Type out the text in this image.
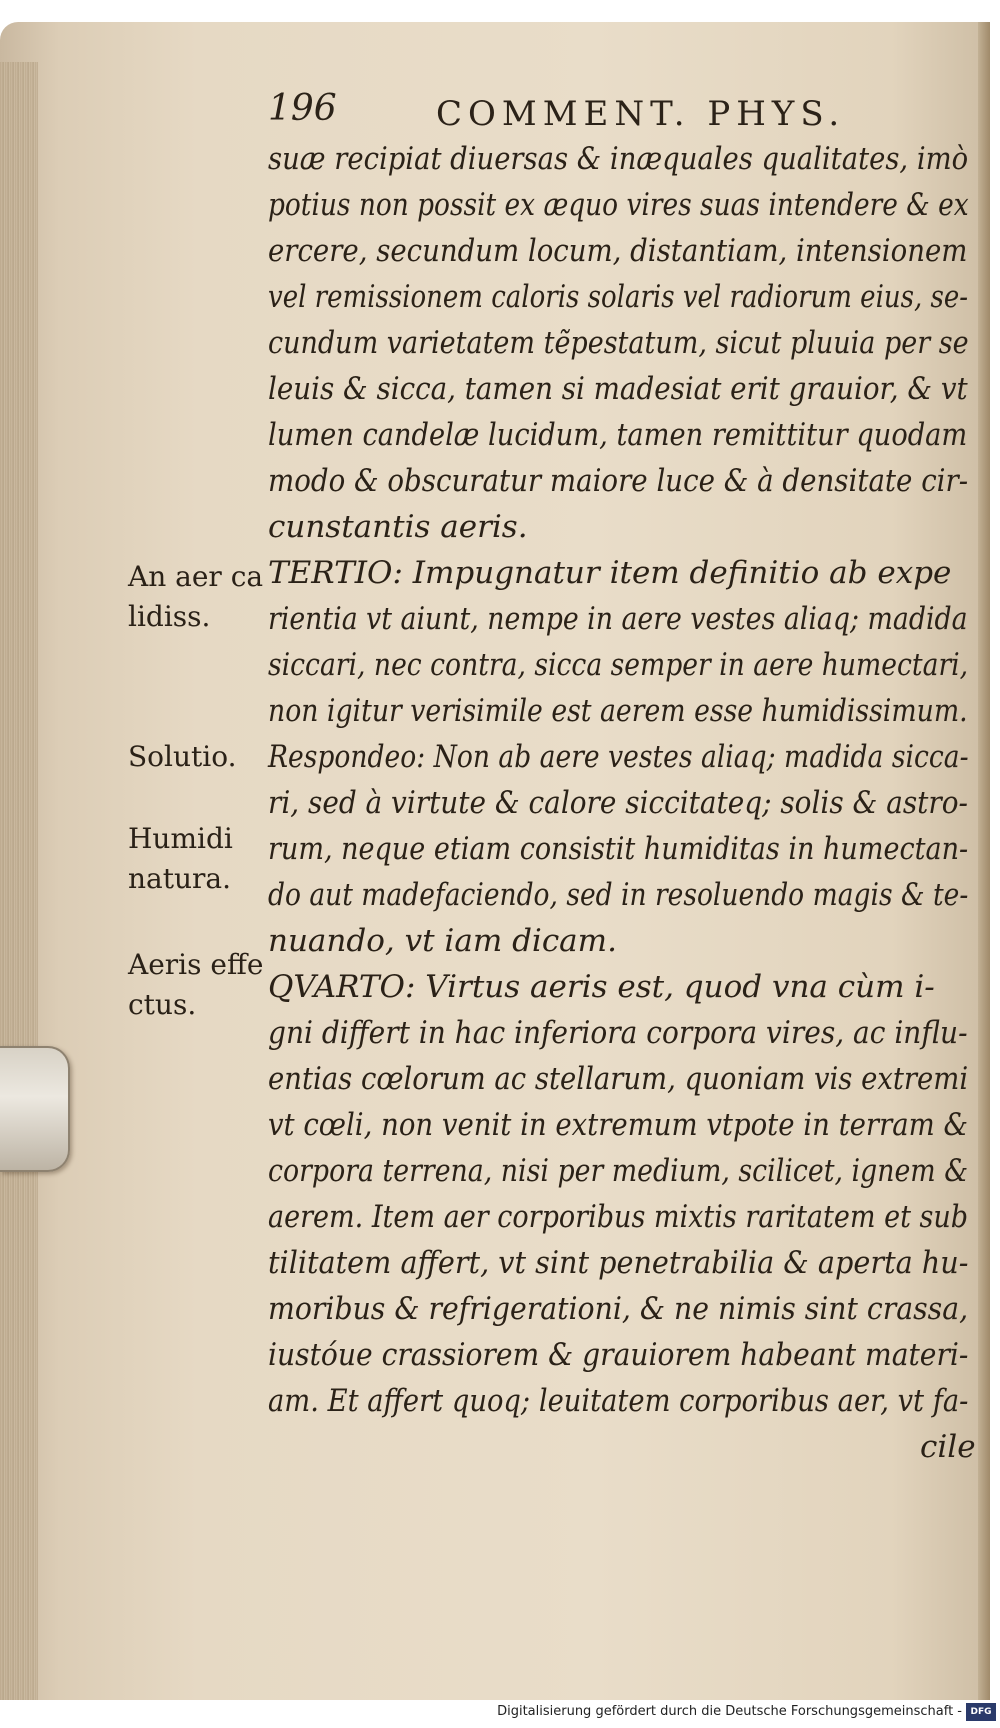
196	COMMENT. PHYS.
suæ recipiat diuersas & inæquales qualitates, imò
potius non possit ex æquo vires suas intendere & ex
ercere, secundum locum, distantiam, intensionem
vel remissionem caloris solaris vel radiorum eius, se-
cundum varietatem tẽpestatum, sicut pluuia per se
leuis & sicca, tamen si madesiat erit grauior, & vt
lumen candelæ lucidum, tamen remittitur quodam
modo & obscuratur maiore luce & à densitate cir-
cunstantis aeris.
TERTIO: Impugnatur item definitio ab expe
rientia vt aiunt, nempe in aere vestes aliaq; madida
siccari, nec contra, sicca semper in aere humectari,
non igitur verisimile est aerem esse humidissimum.
Respondeo: Non ab aere vestes aliaq; madida sicca-
ri, sed à virtute & calore siccitateq; solis & astro-
rum, neque etiam consistit humiditas in humectan-
do aut madefaciendo, sed in resoluendo magis & te-
nuando, vt iam dicam.
QVARTO: Virtus aeris est, quod vna cùm i-
gni differt in hac inferiora corpora vires, ac influ-
entias cœlorum ac stellarum, quoniam vis extremi
vt cœli, non venit in extremum vtpote in terram &
corpora terrena, nisi per medium, scilicet, ignem &
aerem. Item aer corporibus mixtis raritatem et sub
tilitatem affert, vt sint penetrabilia & aperta hu-
moribus & refrigerationi, & ne nimis sint crassa,
iustóue crassiorem & grauiorem habeant materi-
am. Et affert quoq; leuitatem corporibus aer, vt fa-
cile
An aer ca
lidiss.
Solutio.
Humidi
natura.
Aeris effe
ctus.
Digitalisierung gefördert durch die Deutsche Forschungsgemeinschaft - DFG
